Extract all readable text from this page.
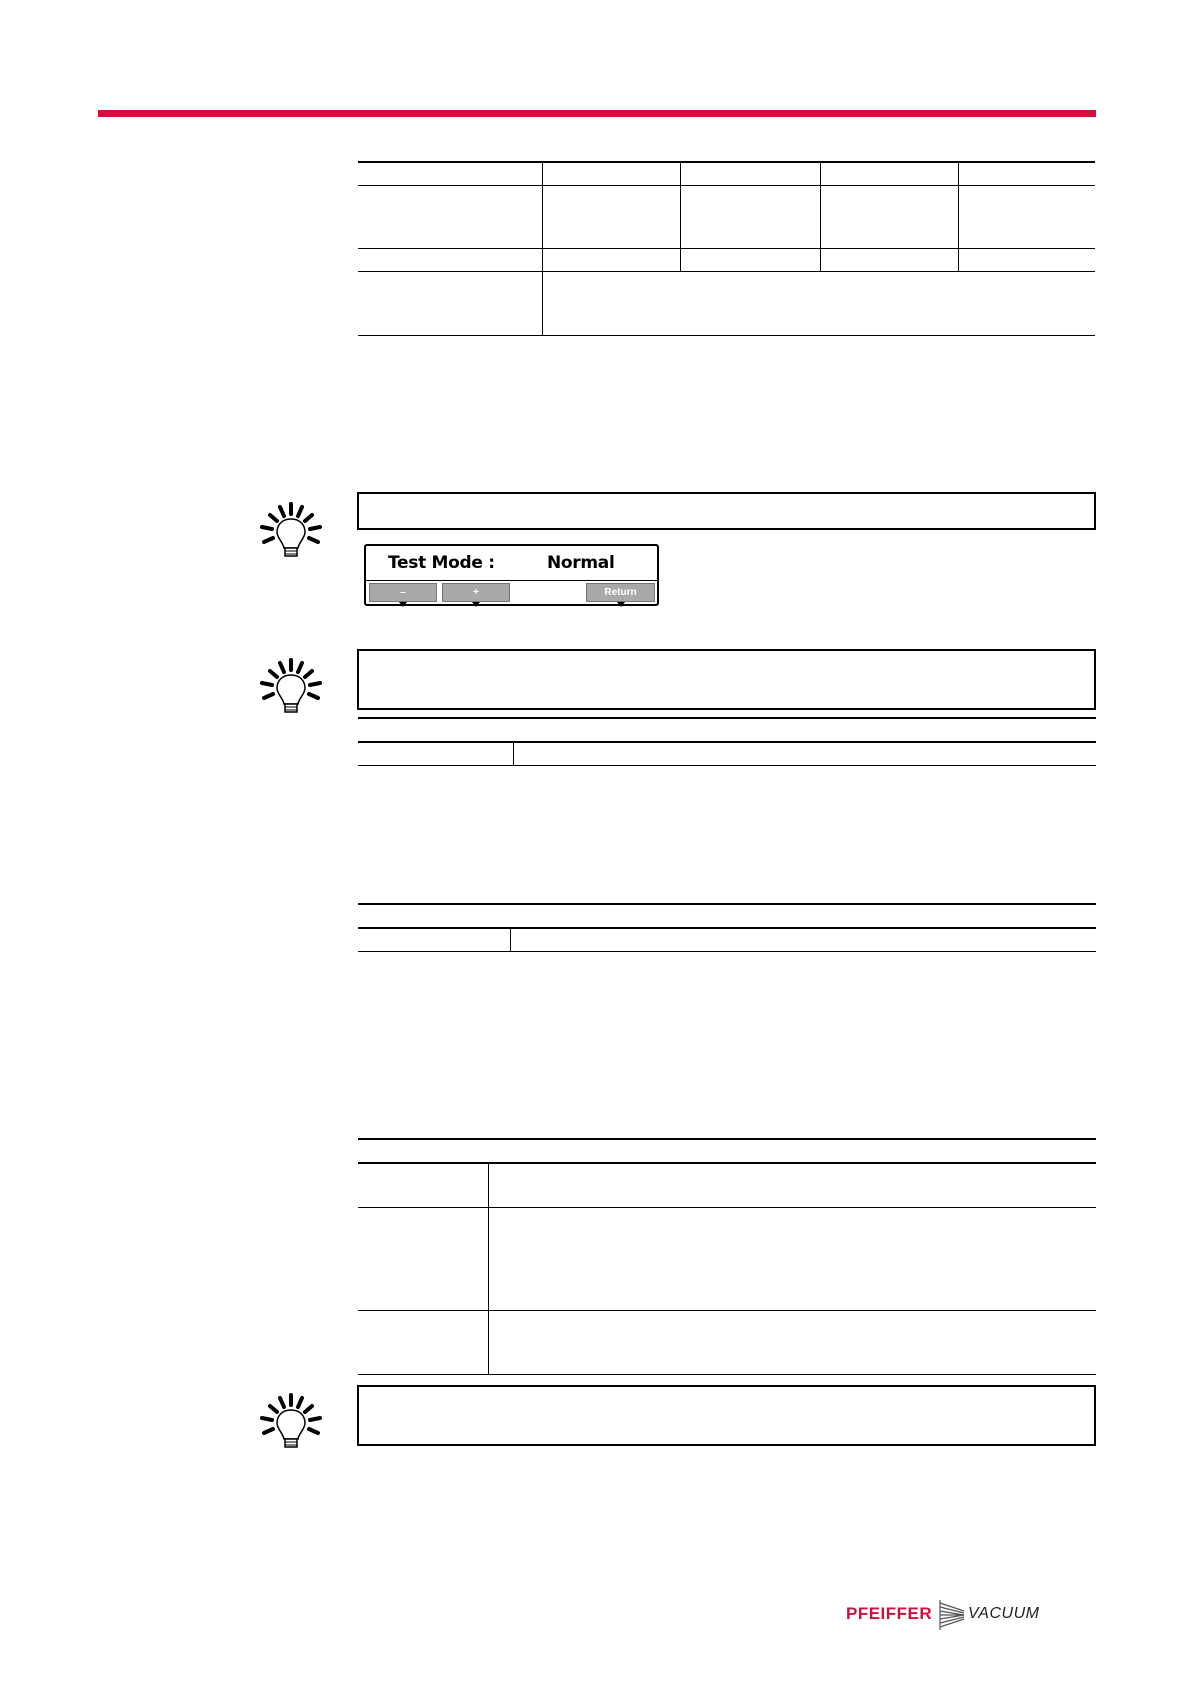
Test Mode :	Normal
–	+	Return
PFEIFFER VACUUM
